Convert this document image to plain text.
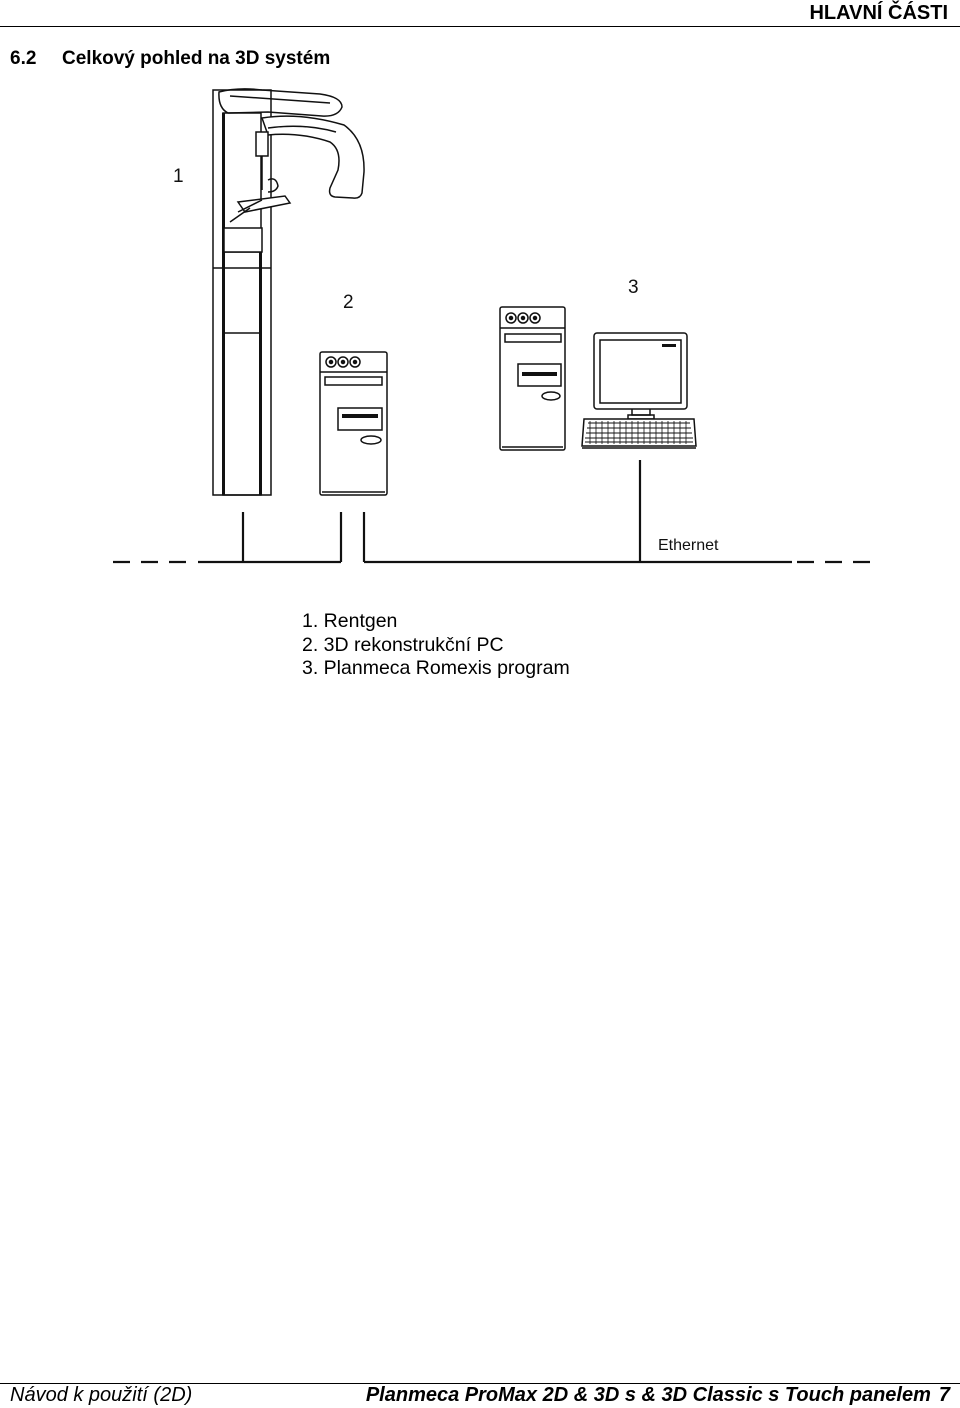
HLAVNÍ ČÁSTI
6.2 Celkový pohled na 3D systém
1
2
3
Ethernet
1. Rentgen
2. 3D rekonstrukční PC
3. Planmeca Romexis program
Návod k použití (2D)	Planmeca ProMax 2D & 3D s & 3D Classic s Touch panelem 7
